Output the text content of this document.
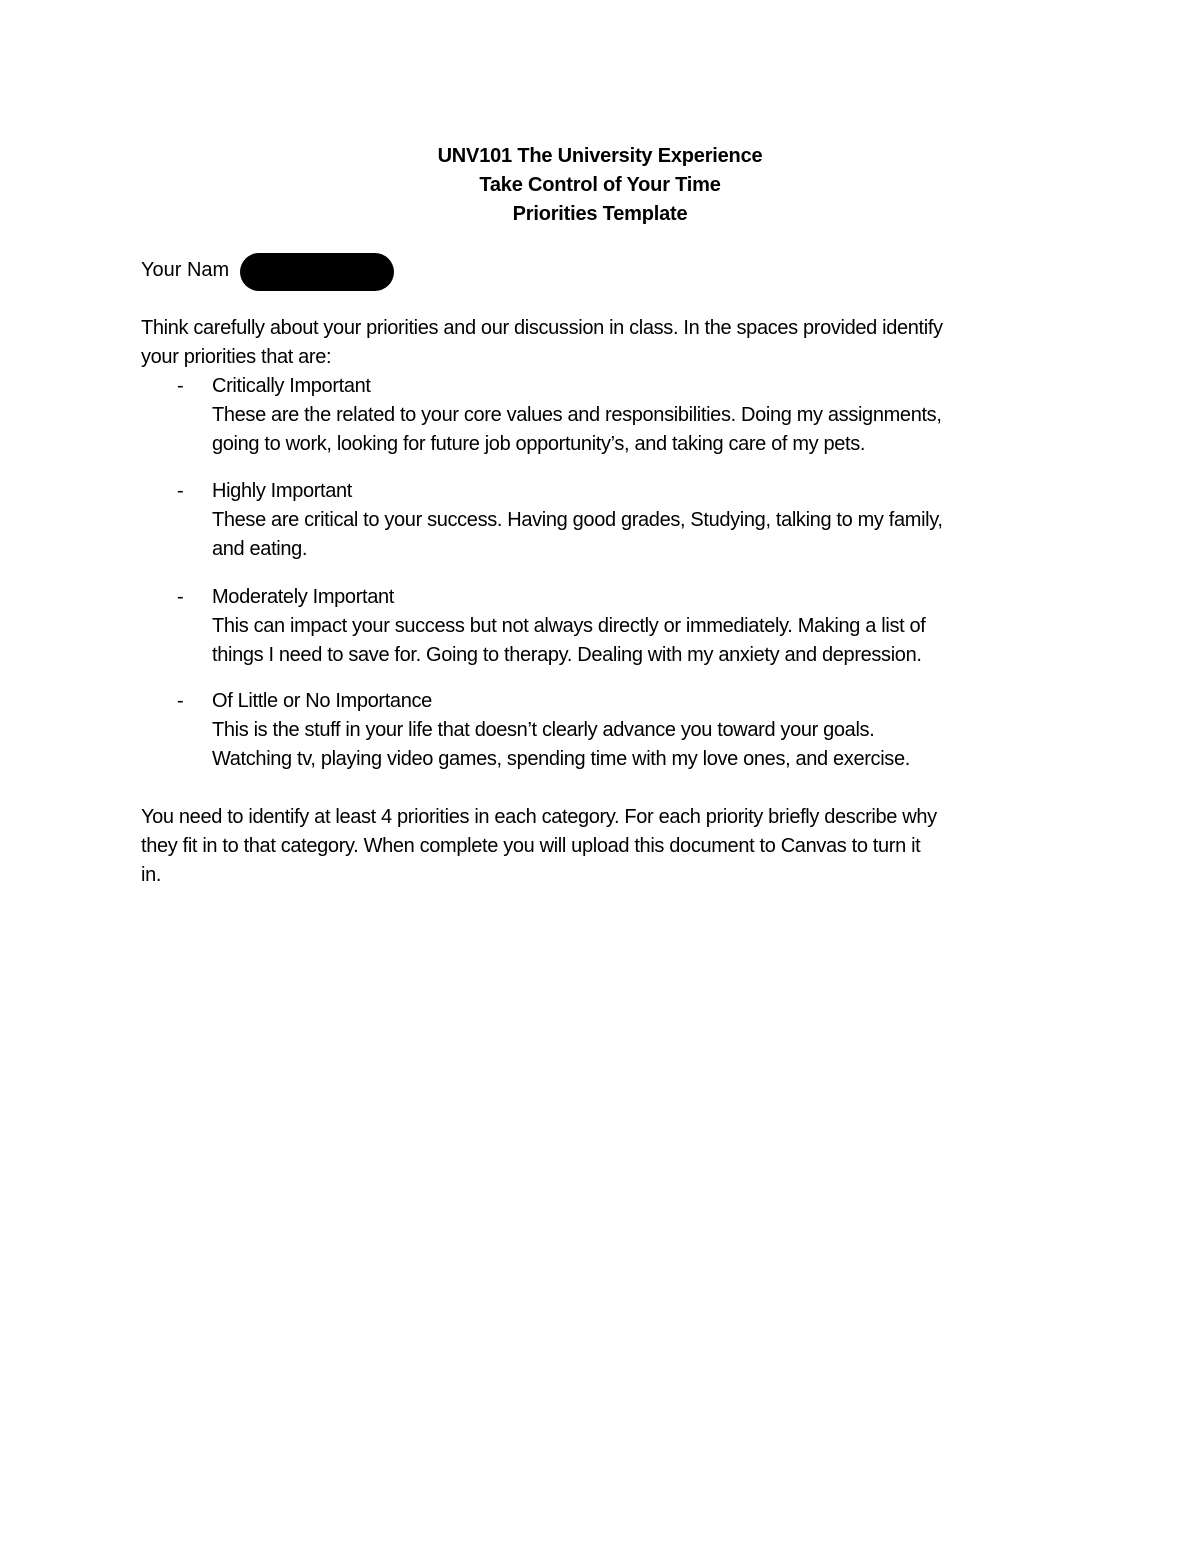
UNV101 The University Experience
Take Control of Your Time
Priorities Template
Your Nam
Think carefully about your priorities and our discussion in class. In the spaces provided identify
your priorities that are:
- Critically Important
These are the related to your core values and responsibilities. Doing my assignments,
going to work, looking for future job opportunity’s, and taking care of my pets.
- Highly Important
These are critical to your success. Having good grades, Studying, talking to my family,
and eating.
- Moderately Important
This can impact your success but not always directly or immediately. Making a list of
things I need to save for. Going to therapy. Dealing with my anxiety and depression.
- Of Little or No Importance
This is the stuff in your life that doesn’t clearly advance you toward your goals.
Watching tv, playing video games, spending time with my love ones, and exercise.
You need to identify at least 4 priorities in each category. For each priority briefly describe why
they fit in to that category. When complete you will upload this document to Canvas to turn it
in.
